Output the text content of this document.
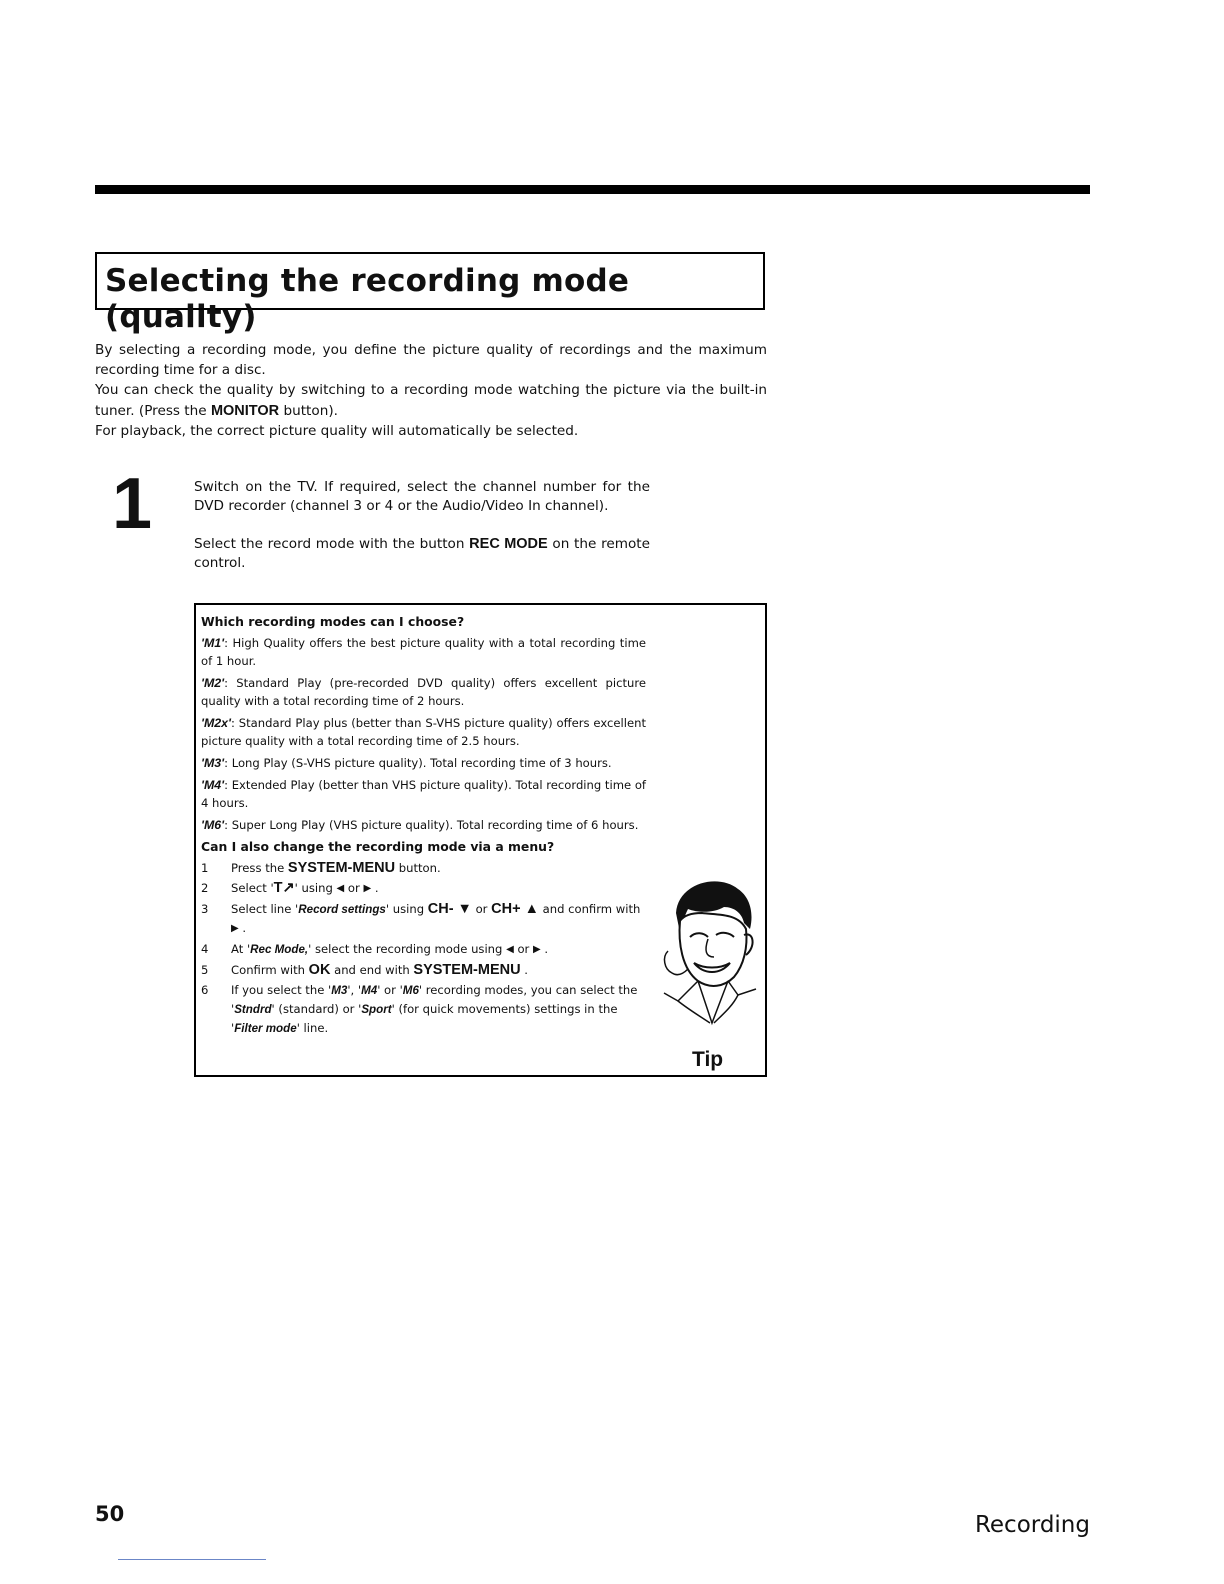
Selecting the recording mode (quality)

By selecting a recording mode, you define the picture quality of recordings and the maximum recording time for a disc.

You can check the quality by switching to a recording mode watching the picture via the built-in tuner. (Press the MONITOR button).

For playback, the correct picture quality will automatically be selected.

1	Switch on the TV. If required, select the channel number for the DVD recorder (channel 3 or 4 or the Audio/Video In channel).

Select the record mode with the button REC MODE on the remote control.

Which recording modes can I choose?

'M1': High Quality offers the best picture quality with a total recording time of 1 hour.

'M2': Standard Play (pre-recorded DVD quality) offers excellent picture quality with a total recording time of 2 hours.

'M2x': Standard Play plus (better than S-VHS picture quality) offers excellent picture quality with a total recording time of 2.5 hours.

'M3': Long Play (S-VHS picture quality). Total recording time of 3 hours.

'M4': Extended Play (better than VHS picture quality). Total recording time of 4 hours.

'M6': Super Long Play (VHS picture quality). Total recording time of 6 hours.

Can I also change the recording mode via a menu?

1 Press the SYSTEM-MENU button.
2 Select 'T↗' using ◀ or ▶ .
3 Select line 'Record settings' using CH- ▼ or CH+ ▲ and confirm with ▶ .
4 At 'Rec Mode,' select the recording mode using ◀ or ▶ .
5 Confirm with OK and end with SYSTEM-MENU .
6 If you select the 'M3', 'M4' or 'M6' recording modes, you can select the 'Stndrd' (standard) or 'Sport' (for quick movements) settings in the 'Filter mode' line.
Tip
50	Recording
